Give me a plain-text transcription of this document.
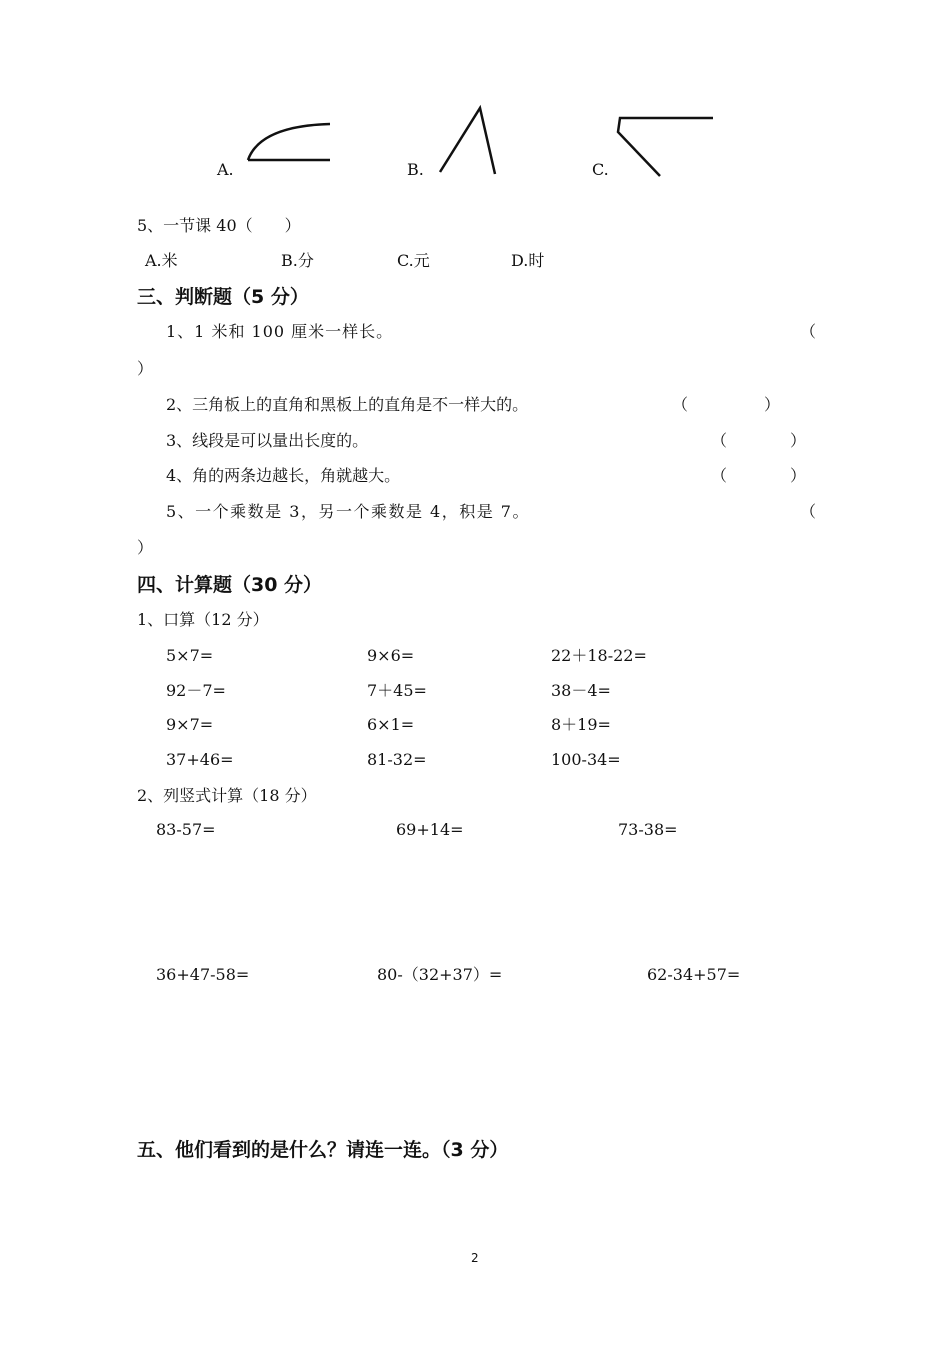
A.	B.	C.
5、一节课 40（　　）
A.米	B.分	C.元	D.时
三、判断题（5 分）
1、1 米和 100 厘米一样长。	（
）
2、三角板上的直角和黑板上的直角是不一样大的。	（	）
3、线段是可以量出长度的。	（	）
4、角的两条边越长，角就越大。	（	）
5、一个乘数是 3，另一个乘数是 4，积是 7。	（
）
四、计算题（30 分）
1、口算（12 分）
5×7=	9×6=	22＋18-22=
92－7=	7＋45=	38－4=
9×7=	6×1=	8＋19=
37+46=	81-32=	100-34=
2、列竖式计算（18 分）
83-57=	69+14=	73-38=
36+47-58=	80-（32+37）=	62-34+57=
五、他们看到的是什么？请连一连。（3 分）
2
